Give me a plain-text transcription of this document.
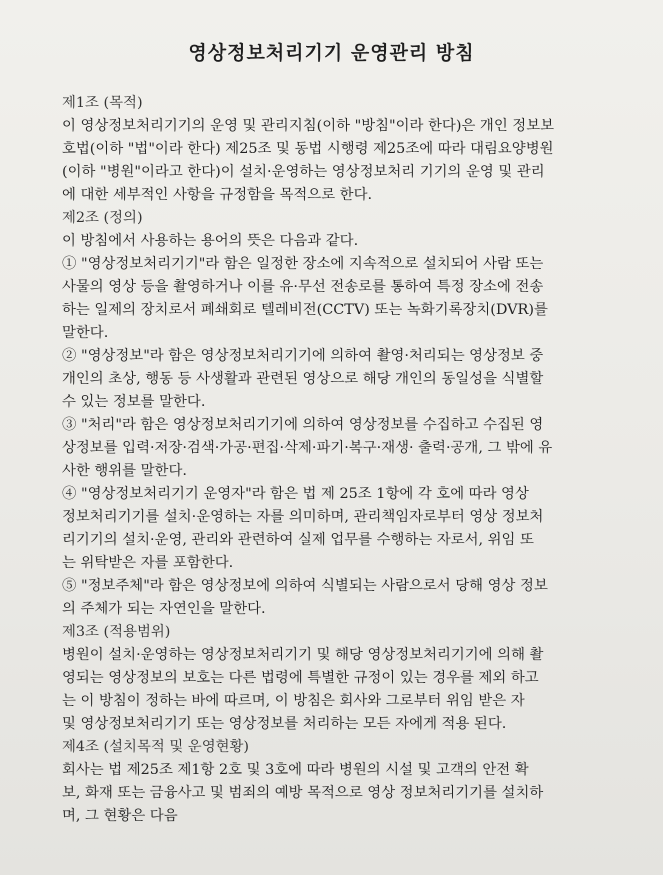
영상정보처리기기 운영관리 방침
제1조 (목적)
이 영상정보처리기기의 운영 및 관리지침(이하 "방침"이라 한다)은 개인 정보보
호법(이하 "법"이라 한다) 제25조 및 동법 시행령 제25조에 따라 대림요양병원
(이하 "병원"이라고 한다)이 설치·운영하는 영상정보처리 기기의 운영 및 관리
에 대한 세부적인 사항을 규정함을 목적으로 한다.
제2조 (정의)
이 방침에서 사용하는 용어의 뜻은 다음과 같다.
① "영상정보처리기기"라 함은 일정한 장소에 지속적으로 설치되어 사람 또는
사물의 영상 등을 촬영하거나 이를 유·무선 전송로를 통하여 특정 장소에 전송
하는 일제의 장치로서 폐쇄회로 텔레비전(CCTV) 또는 녹화기록장치(DVR)를
말한다.
② "영상정보"라 함은 영상정보처리기기에 의하여 촬영·처리되는 영상정보 중
개인의 초상, 행동 등 사생활과 관련된 영상으로 해당 개인의 동일성을 식별할
수 있는 정보를 말한다.
③ "처리"라 함은 영상정보처리기기에 의하여 영상정보를 수집하고 수집된 영
상정보를 입력·저장·검색·가공·편집·삭제·파기·복구·재생· 출력·공개, 그 밖에 유
사한 행위를 말한다.
④ "영상정보처리기기 운영자"라 함은 법 제 25조 1항에 각 호에 따라 영상
정보처리기기를 설치·운영하는 자를 의미하며, 관리책임자로부터 영상 정보처
리기기의 설치·운영, 관리와 관련하여 실제 업무를 수행하는 자로서, 위임 또
는 위탁받은 자를 포함한다.
⑤ "정보주체"라 함은 영상정보에 의하여 식별되는 사람으로서 당해 영상 정보
의 주체가 되는 자연인을 말한다.
제3조 (적용범위)
병원이 설치·운영하는 영상정보처리기기 및 해당 영상정보처리기기에 의해 촬
영되는 영상정보의 보호는 다른 법령에 특별한 규정이 있는 경우를 제외 하고
는 이 방침이 정하는 바에 따르며, 이 방침은 회사와 그로부터 위임 받은 자
및 영상정보처리기기 또는 영상정보를 처리하는 모든 자에게 적용 된다.
제4조 (설치목적 및 운영현황)
회사는 법 제25조 제1항 2호 및 3호에 따라 병원의 시설 및 고객의 안전 확
보, 화재 또는 금융사고 및 범죄의 예방 목적으로 영상 정보처리기기를 설치하
며, 그 현황은 다음
